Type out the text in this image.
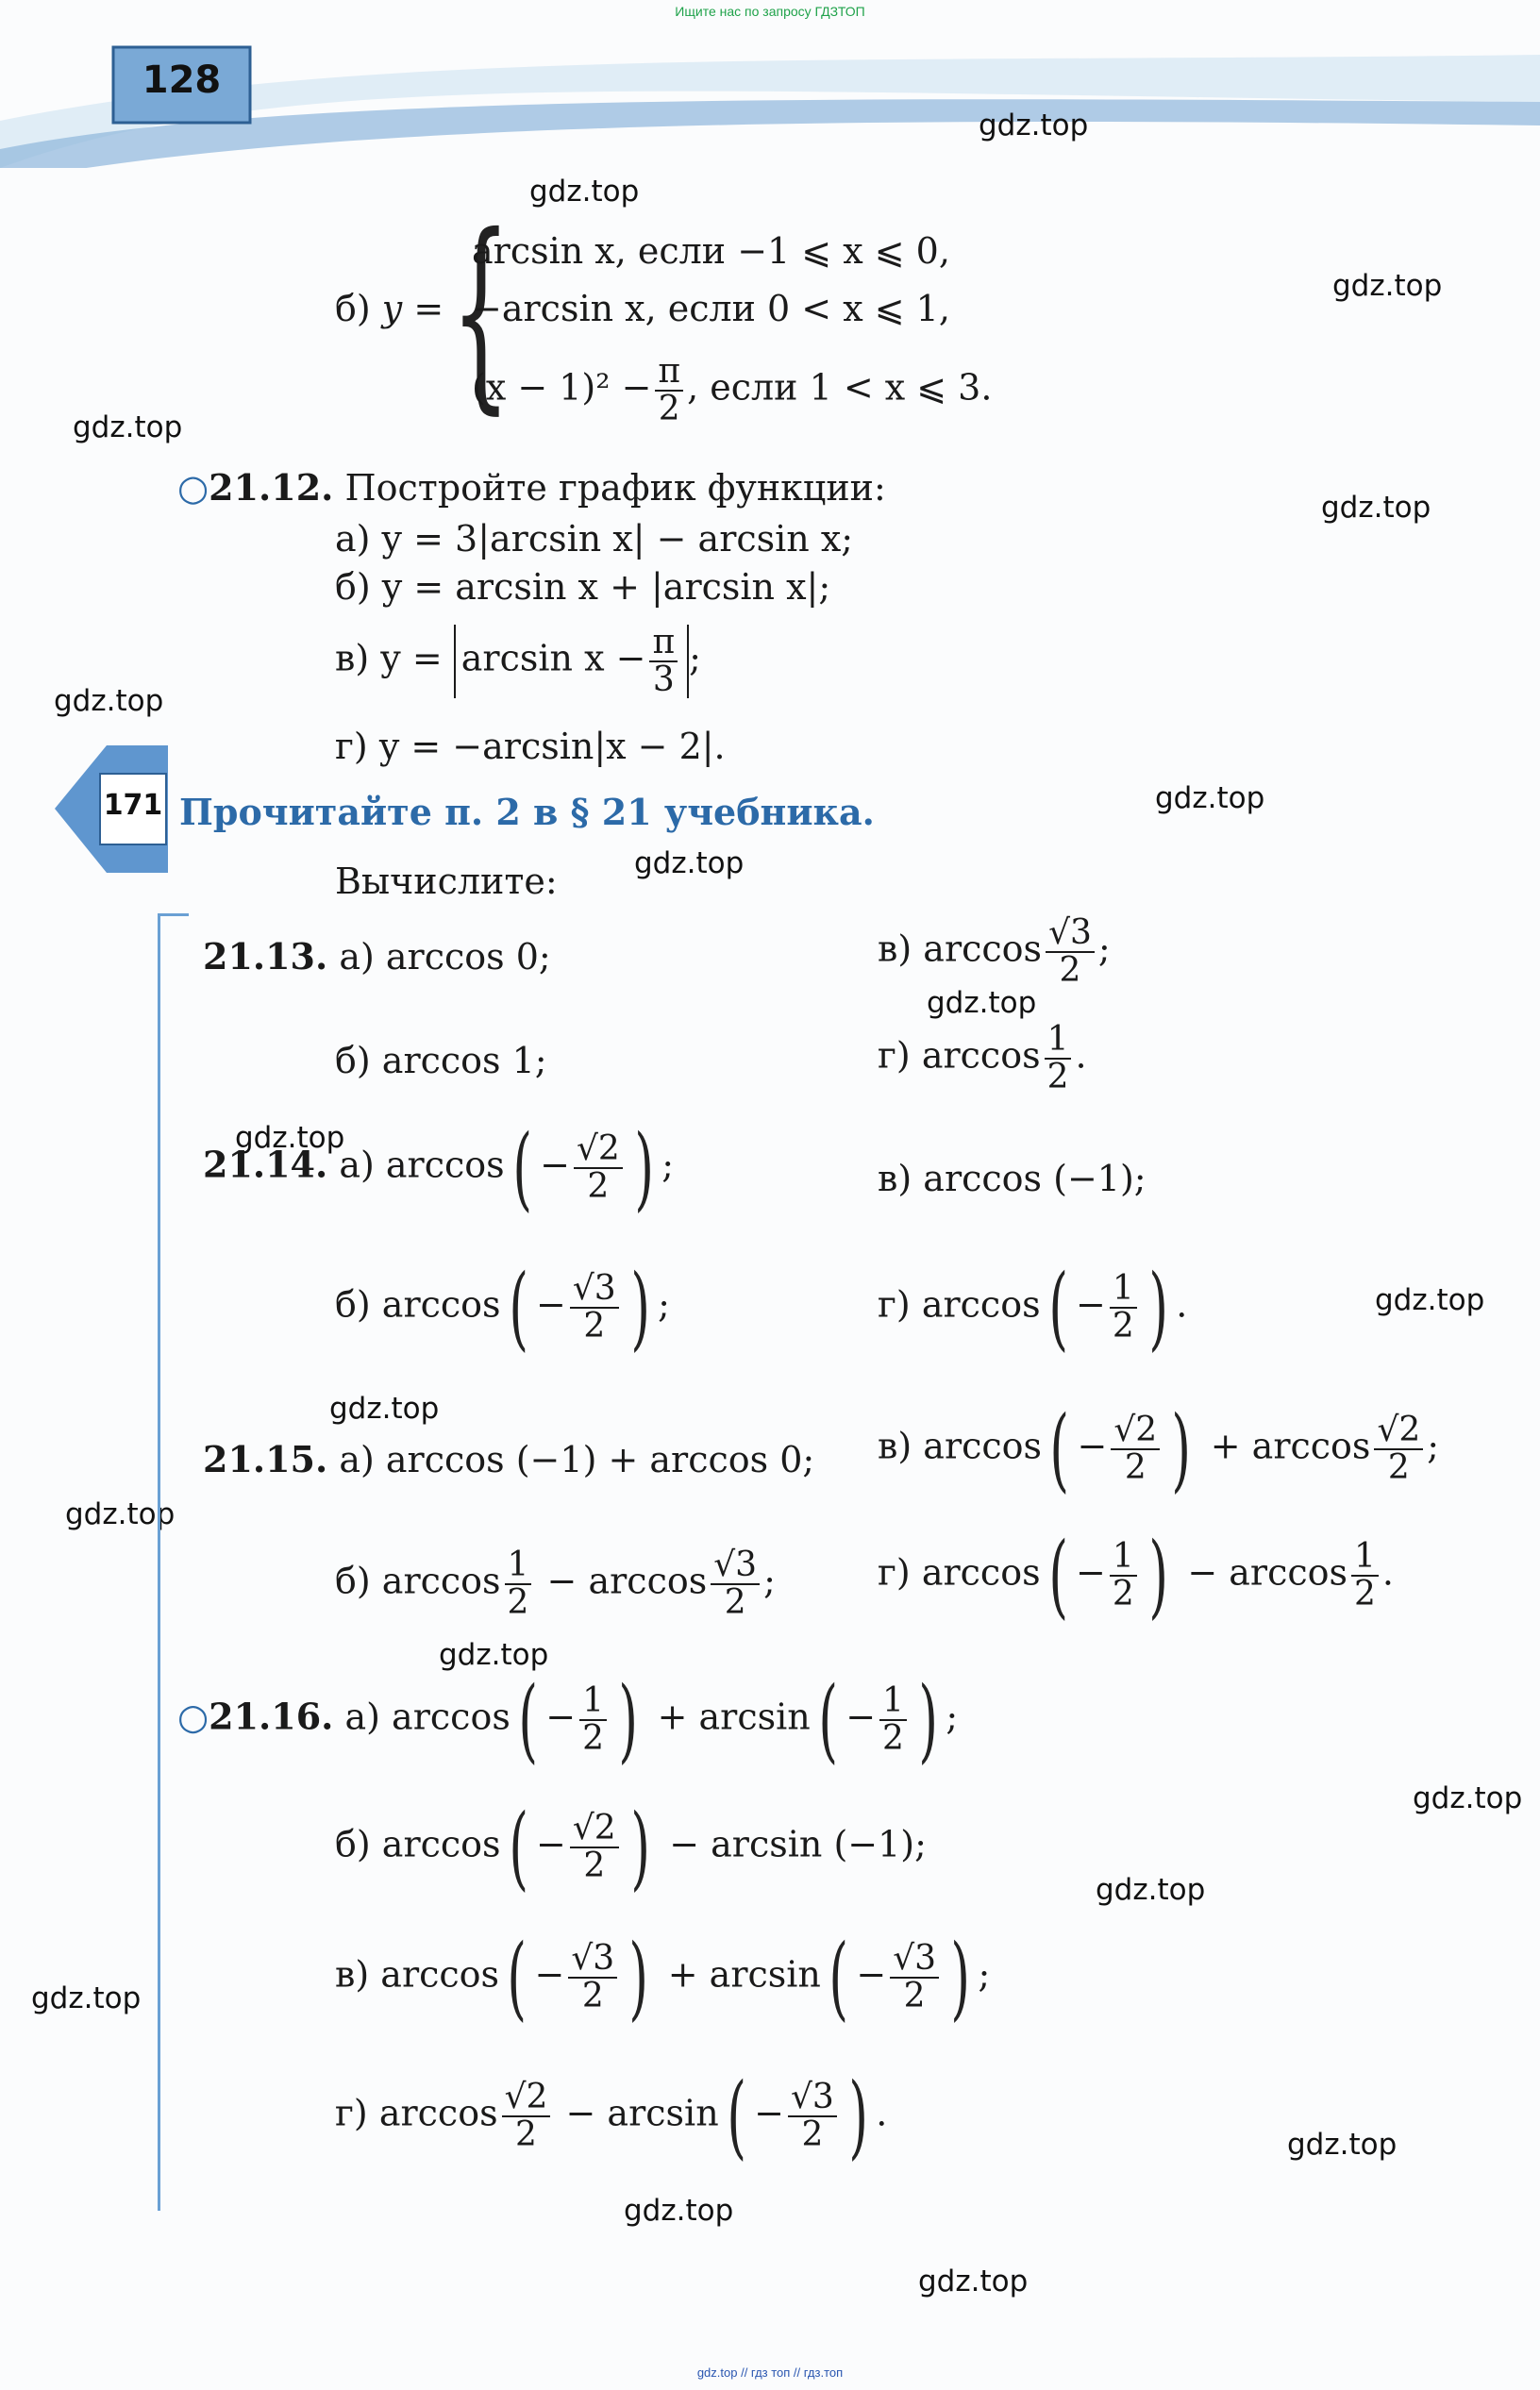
Ищите нас по запросу ГДЗТОП
gdz.top // гдз топ // гдз.топ
128
gdz.top
gdz.top
gdz.top
gdz.top
gdz.top
gdz.top
gdz.top
gdz.top
gdz.top
gdz.top
gdz.top
gdz.top
gdz.top
gdz.top
gdz.top
gdz.top
gdz.top
gdz.top
gdz.top
gdz.top
б) y = {
arcsin x, если −1 ⩽ x ⩽ 0,
−arcsin x, если 0 < x ⩽ 1,
$(x - 1)^2 - \frac{\pi}{2}$ , если 1 < x ⩽ 3.
○21.12. Постройте график функции:
а) y = 3|arcsin x| − arcsin x;
б) y = arcsin x + |arcsin x|;
в) $y = \arcsin x - \frac{\pi}{3}$ ;
г) y = −arcsin|x − 2|.
171 Прочитайте п. 2 в § 21 учебника.
Вычислите:
21.13. а) arccos 0;	в) $\arccos \frac{√3}{2}$ ;
б) arccos 1;	г) $\arccos \frac{1}{2}$ .
21.14. а) $\arccos( - \frac{√2}{2}$ ) ;	в) arccos (−1);
б) $\arccos( - \frac{√3}{2}$ ) ;	г) $\arccos( - \frac{1}{2}$ ) .
21.15. а) arccos (−1) + arccos 0; в) $\arccos( - \frac{√2}{2}$ ) + $\arccos \frac{√2}{2}$ ;
б) $\arccos \frac{1}{2} - \arccos \frac{√3}{2}$ ;	г) $\arccos( - \frac{1}{2}$ ) − $\arccos \frac{1}{2}$ .
○21.16. а) $\arccos( - \frac{1}{2}$ ) + $\arcsin( - \frac{1}{2}$ ) ;
б) $\arccos( - \frac{√2}{2}$ ) − arcsin (−1);
в) $\arccos( - \frac{√3}{2}$ ) + $\arcsin( - \frac{√3}{2}$ ) ;
г) $\arccos \frac{√2}{2} - \arcsin( - \frac{√3}{2}$ ) .
